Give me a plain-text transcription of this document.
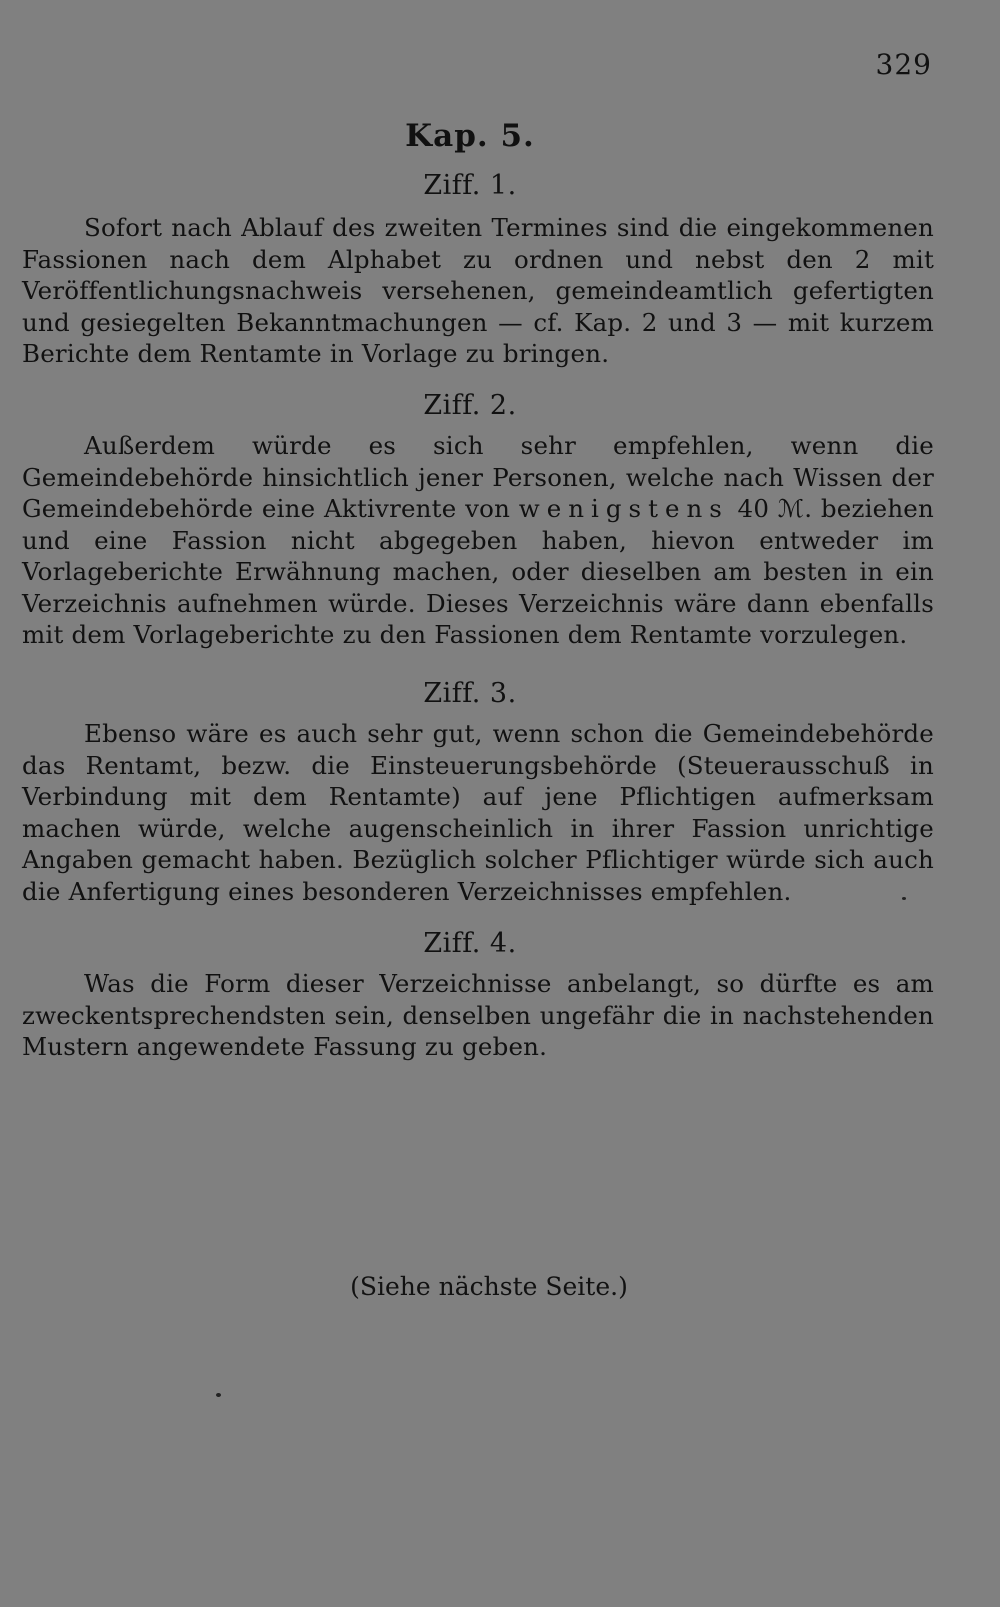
329
Kap. 5.
Ziff. 1.
Sofort nach Ablauf des zweiten Termines sind die eingekommenen Fassionen nach dem Alphabet zu ordnen und nebst den 2 mit Veröffentlichungsnachweis versehenen, gemeindeamtlich gefertigten und gesiegelten Bekanntmachungen — cf. Kap. 2 und 3 — mit kurzem Berichte dem Rentamte in Vorlage zu bringen.
Ziff. 2.
Außerdem würde es sich sehr empfehlen, wenn die Gemeindebehörde hinsichtlich jener Personen, welche nach Wissen der Gemeindebehörde eine Aktivrente von wenigstens 40 ℳ. beziehen und eine Fassion nicht abgegeben haben, hievon entweder im Vorlageberichte Erwähnung machen, oder dieselben am besten in ein Verzeichnis aufnehmen würde. Dieses Verzeichnis wäre dann ebenfalls mit dem Vorlageberichte zu den Fassionen dem Rentamte vorzulegen.
Ziff. 3.
Ebenso wäre es auch sehr gut, wenn schon die Gemeindebehörde das Rentamt, bezw. die Einsteuerungsbehörde (Steuerausschuß in Verbindung mit dem Rentamte) auf jene Pflichtigen aufmerksam machen würde, welche augenscheinlich in ihrer Fassion unrichtige Angaben gemacht haben. Bezüglich solcher Pflichtiger würde sich auch die Anfertigung eines besonderen Verzeichnisses empfehlen.
Ziff. 4.
Was die Form dieser Verzeichnisse anbelangt, so dürfte es am zweckentsprechendsten sein, denselben ungefähr die in nachstehenden Mustern angewendete Fassung zu geben.
(Siehe nächste Seite.)
